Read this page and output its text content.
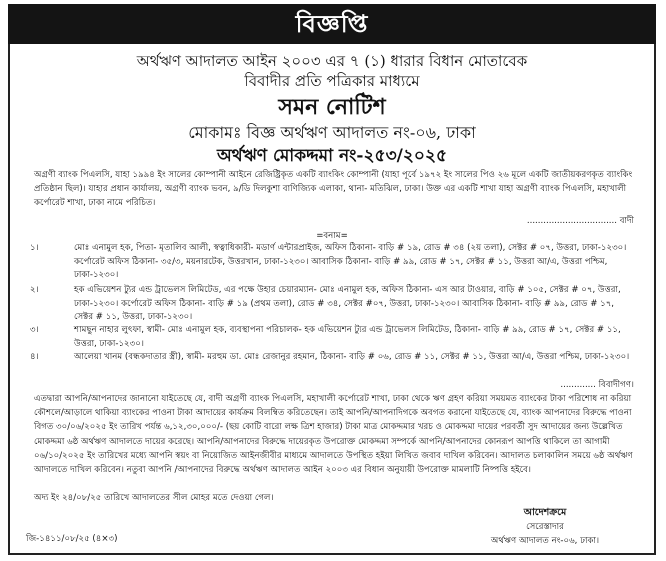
বিজ্ঞপ্তি
অর্থঋণ আদালত আইন ২০০৩ এর ৭ (১) ধারার বিধান মোতাবেক
বিবাদীর প্রতি পত্রিকার মাধ্যমে
সমন নোটিশ
মোকামঃ বিজ্ঞ অর্থঋণ আদালত নং-০৬, ঢাকা
অর্থঋণ মোকদ্দমা নং-২৫৩/২০২৫
অগ্রণী ব্যাংক পিএলসি, যাহা ১৯৯৪ ইং সালের কোম্পানী আইনে রেজিষ্ট্রিকৃত একটি ব্যাংকিং কোম্পানী (যাহা পূর্বে ১৯৭২ ইং সালের পিও ২৬ মূলে একটি জাতীয়করণকৃত ব্যাংকিং প্রতিষ্ঠান ছিল)। যাহার প্রধান কার্যালয়, অগ্রণী ব্যাংক ভবন, ৯/ডি দিলকুশা বাণিজ্যিক এলাকা, থানা- মতিঝিল, ঢাকা। উক্ত এর একটি শাখা যাহা অগ্রণী ব্যাংক পিএলসি, মহাখালী কর্পোরেট শাখা, ঢাকা নামে পরিচিত।
................................. বাদী
=বনাম=
১।	মোঃ এনামুল হক, পিতা- মৃতালিব আলী, স্বত্বাধিকারী- মডার্ণ এন্টারপ্রাইজ, অফিস ঠিকানা- বাড়ি # ১৯, রোড # ৩৪ (২য় তলা), সেক্টর # ০৭, উত্তরা, ঢাকা-১২৩০। কর্পোরেট অফিস ঠিকানা- ৩৫/৩, ময়নারটেক, উত্তরখান, ঢাকা-১২৩০। আবাসিক ঠিকানা- বাড়ি # ৯৯, রোড # ১৭, সেক্টর # ১১, উত্তরা আ/এ, উত্তরা পশ্চিম, ঢাকা-১২৩০।
২।	হক এভিয়েশন ট্যুর এন্ড ট্রাভেলস লিমিটেড, এর পক্ষে উহার চেয়ারম্যান- মোঃ এনামুল হক, অফিস ঠিকানা- এস আর টাওয়ার, বাড়ি # ১০৫, সেক্টর # ০৭, উত্তরা, ঢাকা-১২৩০। কর্পোরেট অফিস ঠিকানা- বাড়ি # ১৯ (প্রথম তলা), রোড # ৩৪, সেক্টর #০৭, উত্তরা, ঢাকা-১২৩০। আবাসিক ঠিকানা- বাড়ি # ৯৯, রোড # ১৭, সেক্টর # ১১, উত্তরা, ঢাকা-১২৩০।
৩।	শামছুন নাহার লুৎফা, স্বামী- মোঃ এনামুল হক, ব্যবস্থাপনা পরিচালক- হক এভিয়েশন ট্যুর এন্ড ট্রাভেলস লিমিটেড, ঠিকানা- বাড়ি # ৯৯, রোড # ১৭, সেক্টর # ১১, উত্তরা, ঢাকা-১২৩০।
৪।	আলেয়া খানম (বন্ধকদাতার স্ত্রী), স্বামী- মরহুম ডা. মোঃ রেজানুর রহমান, ঠিকানা- বাড়ি # ০৬, রোড # ১১, সেক্টর # ১১, উত্তরা আ/এ, উত্তরা পশ্চিম, ঢাকা-১২৩০।
............. বিবাদীগণ।
এতদ্বারা আপনি/আপনাদের জানানো যাইতেছে যে, বাদী অগ্রণী ব্যাংক পিএলসি, মহাখালী কর্পোরেট শাখা, ঢাকা থেকে ঋণ গ্রহণ করিয়া সময়মত ব্যাংকের টাকা পরিশোধ না করিয়া কৌশলে/আড়ালে থাকিয়া ব্যাংকের পাওনা টাকা আদায়ের কার্যক্রম বিলম্বিত করিতেছেন। তাই আপনি/আপনাদিগকে অবগত করানো যাইতেছে যে, ব্যাংক আপনাদের বিরুদ্ধে পাওনা বিগত ৩০/০৬/২০২৫ ইং তারিখ পর্যন্ত ৬,১২,৩০,০০০/- (ছয় কোটি বারো লক্ষ ত্রিশ হাজার) টাকা মাত্র মোকদ্দমার খরচ ও মোকদ্দমা দায়ের পরবর্তী সুদ আদায়ের জন্য উল্লেখিত মোকদ্দমা ৬ষ্ঠ অর্থঋণ আদালতে দায়ের করেছে। আপনি/আপনাদের বিরুদ্ধে দায়েরকৃত উপরোক্ত মোকদ্দমা সম্পর্কে আপনি/আপনাদের কোনরূপ আপত্তি থাকিলে তা আগামী ০৬/১০/২০২৫ ইং তারিখের মধ্যে আপনি স্বয়ং বা নিয়োজিত আইনজীবীর মাধ্যমে আদালতে উপস্থিত হইয়া লিখিত জবাব দাখিল করিবেন। আদালত চলাকালিন সময়ে ৬ষ্ঠ অর্থঋণ আদালতে দাখিল করিবেন। নতুবা আপনি /আপনাদের বিরুদ্ধে অর্থঋণ আদালত আইন ২০০৩ এর বিধান অনুযায়ী উপরোক্ত মামলাটি নিষ্পত্তি হইবে।
অদ্য ইং ২৪/০৮/২৫ তারিখে আদালতের সীল মোহর মতে দেওয়া গেল।
আদেশক্রমে
সেরেস্তাদার
অর্থঋণ আদালত নং-০৬, ঢাকা।
জি-১৪১১/০৮/২৫ (৪×৩)
